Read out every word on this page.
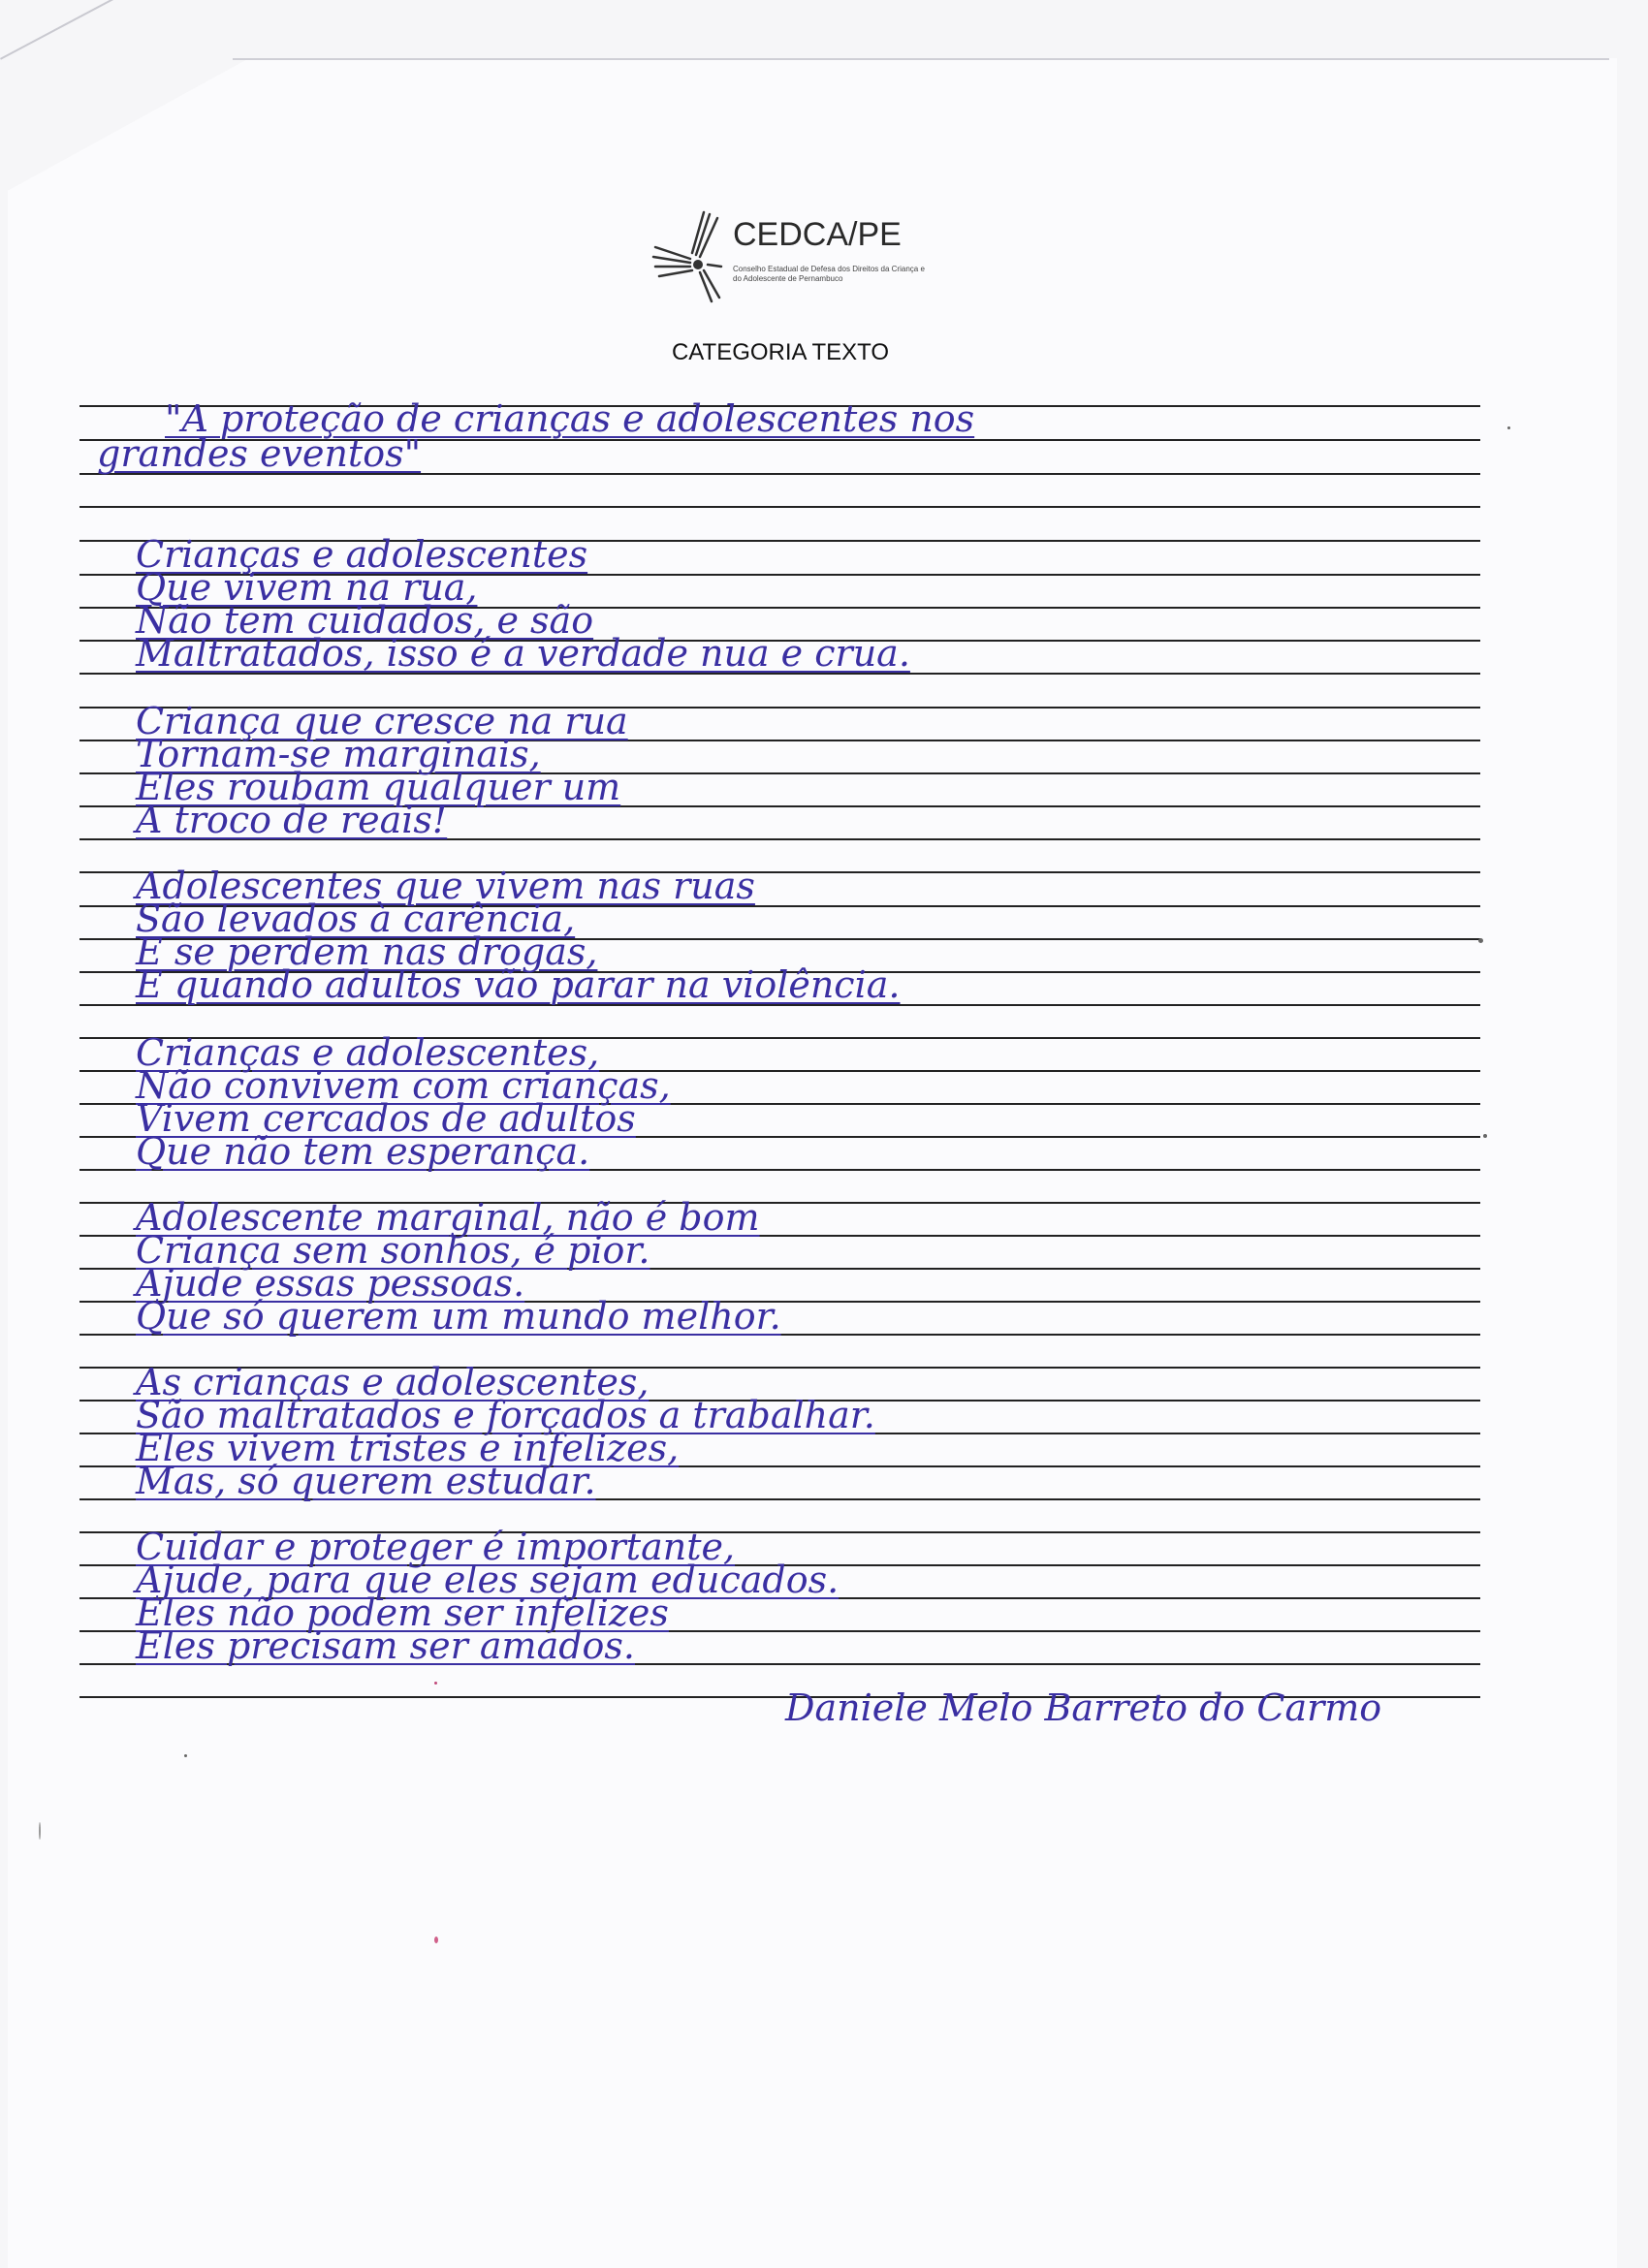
CEDCA/PE
Conselho Estadual de Defesa dos Direitos da Criança e do Adolescente de Pernambuco
CATEGORIA TEXTO
"A proteção de crianças e adolescentes nos
grandes eventos"
Crianças e adolescentes
Que vivem na rua,
Não tem cuidados, e são
Maltratados, isso é a verdade nua e crua.
Criança que cresce na rua
Tornam-se marginais,
Eles roubam qualquer um
A troco de reais!
Adolescentes que vivem nas ruas
São levados à carência,
E se perdem nas drogas,
E quando adultos vão parar na violência.
Crianças e adolescentes,
Não convivem com crianças,
Vivem cercados de adultos
Que não tem esperança.
Adolescente marginal, não é bom
Criança sem sonhos, é pior.
Ajude essas pessoas.
Que só querem um mundo melhor.
As crianças e adolescentes,
São maltratados e forçados a trabalhar.
Eles vivem tristes e infelizes,
Mas, só querem estudar.
Cuidar e proteger é importante,
Ajude, para que eles sejam educados.
Eles não podem ser infelizes
Eles precisam ser amados.
Daniele Melo Barreto do Carmo
